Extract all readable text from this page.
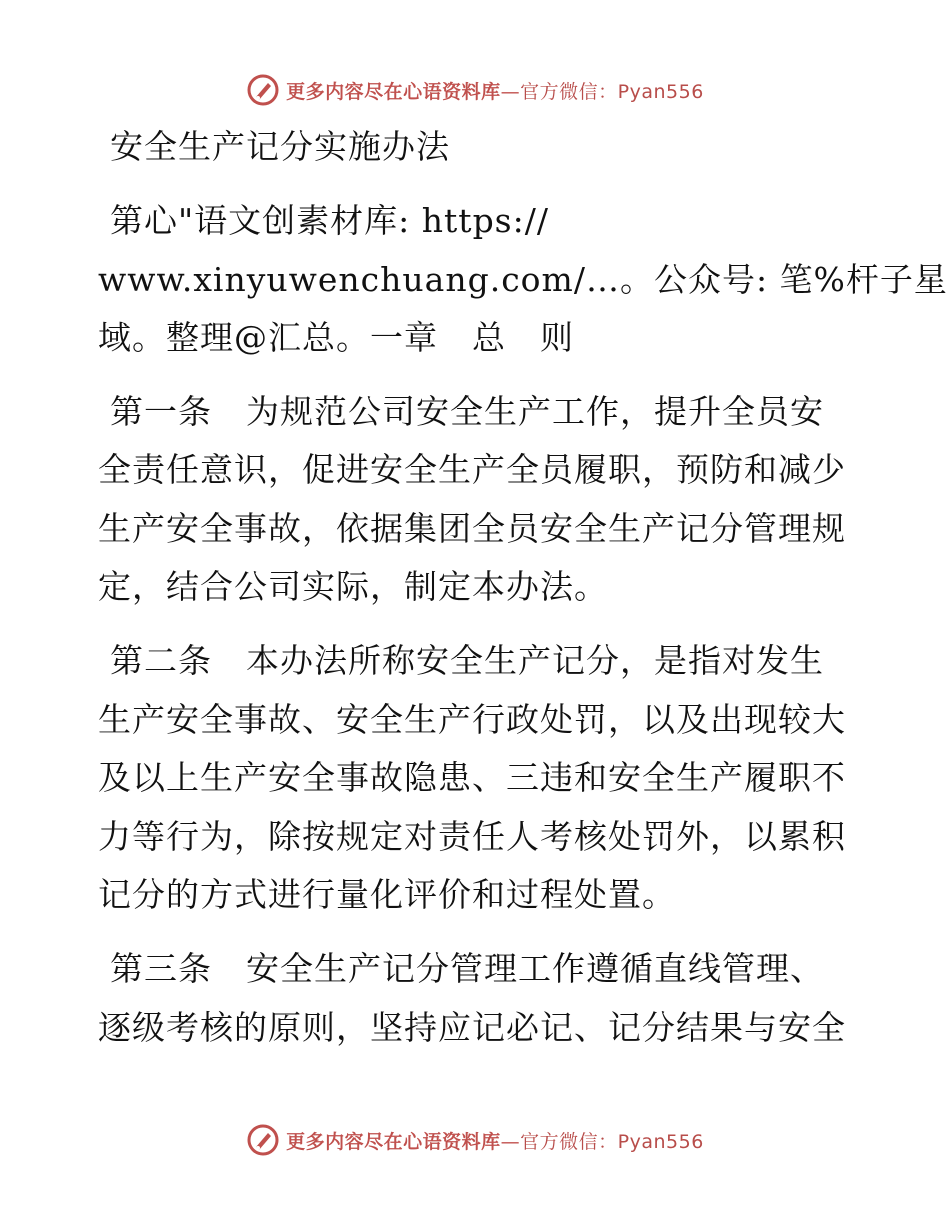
更多内容尽在心语资料库—官方微信：Pyan556
安全生产记分实施办法
第心"语文创素材库: https://
www.xinyuwenchuang.com/…。公众号: 笔%杆子星
域。整理@汇总。一章　总　则
第一条　为规范公司安全生产工作，提升全员安
全责任意识，促进安全生产全员履职，预防和减少
生产安全事故，依据集团全员安全生产记分管理规
定，结合公司实际，制定本办法。
第二条　本办法所称安全生产记分，是指对发生
生产安全事故、安全生产行政处罚，以及出现较大
及以上生产安全事故隐患、三违和安全生产履职不
力等行为，除按规定对责任人考核处罚外，以累积
记分的方式进行量化评价和过程处置。
第三条　安全生产记分管理工作遵循直线管理、
逐级考核的原则，坚持应记必记、记分结果与安全
更多内容尽在心语资料库—官方微信：Pyan556
